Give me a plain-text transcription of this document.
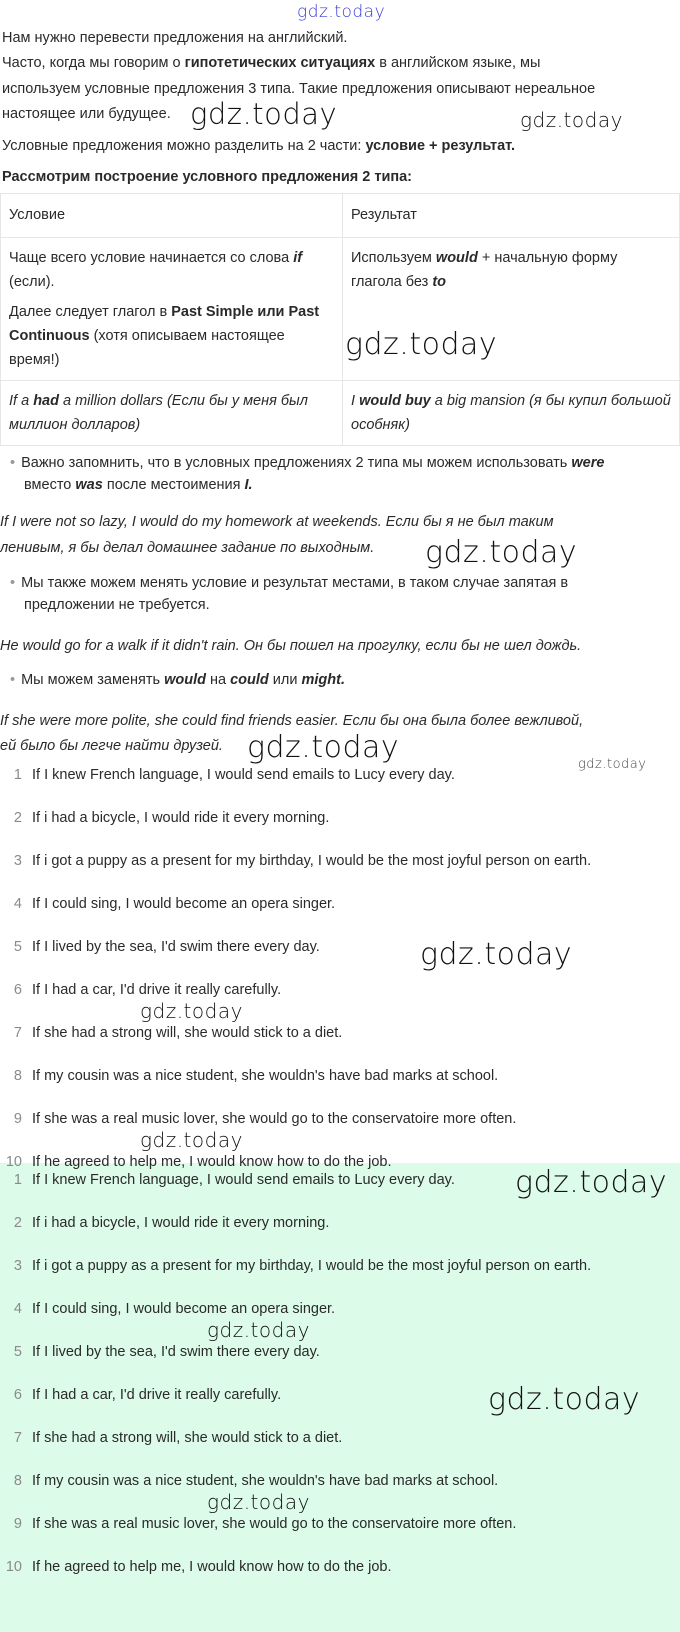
gdz.today
Нам нужно перевести предложения на английский.
Часто, когда мы говорим о гипотетических ситуациях в английском языке, мы
используем условные предложения 3 типа. Такие предложения описывают нереальное
настоящее или будущее.
Условные предложения можно разделить на 2 части: условие + результат.
Рассмотрим построение условного предложения 2 типа:
Условие	Результат

Чаще всего условие начинается со слова if (если).
Далее следует глагол в Past Simple или Past Continuous (хотя описываем настоящее время!)	Используем would + начальную форму глагола без to
If a had a million dollars (Если бы у меня был миллион долларов)	I would buy a big mansion (я бы купил большой особняк)
• Важно запомнить, что в условных предложениях 2 типа мы можем использовать were
вместо was после местоимения I.
If I were not so lazy, I would do my homework at weekends. Если бы я не был таким
ленивым, я бы делал домашнее задание по выходным.
• Мы также можем менять условие и результат местами, в таком случае запятая в
предложении не требуется.
He would go for a walk if it didn't rain. Он бы пошел на прогулку, если бы не шел дождь.
• Мы можем заменять would на could или might.
If she were more polite, she could find friends easier. Если бы она была более вежливой,
ей было бы легче найти друзей.
1 If I knew French language, I would send emails to Lucy every day.
2 If i had a bicycle, I would ride it every morning.
3 If i got a puppy as a present for my birthday, I would be the most joyful person on earth.
4 If I could sing, I would become an opera singer.
5 If I lived by the sea, I'd swim there every day.
6 If I had a car, I'd drive it really carefully.
7 If she had a strong will, she would stick to a diet.
8 If my cousin was a nice student, she wouldn's have bad marks at school.
9 If she was a real music lover, she would go to the conservatoire more often.
10 If he agreed to help me, I would know how to do the job.
1 If I knew French language, I would send emails to Lucy every day.
2 If i had a bicycle, I would ride it every morning.
3 If i got a puppy as a present for my birthday, I would be the most joyful person on earth.
4 If I could sing, I would become an opera singer.
5 If I lived by the sea, I'd swim there every day.
6 If I had a car, I'd drive it really carefully.
7 If she had a strong will, she would stick to a diet.
8 If my cousin was a nice student, she wouldn's have bad marks at school.
9 If she was a real music lover, she would go to the conservatoire more often.
10 If he agreed to help me, I would know how to do the job.
gdz.today	gdz.today
gdz.today
gdz.today
gdz.today	gdz.today
gdz.today
gdz.today
gdz.today
gdz.today
gdz.today
gdz.today
gdz.today
